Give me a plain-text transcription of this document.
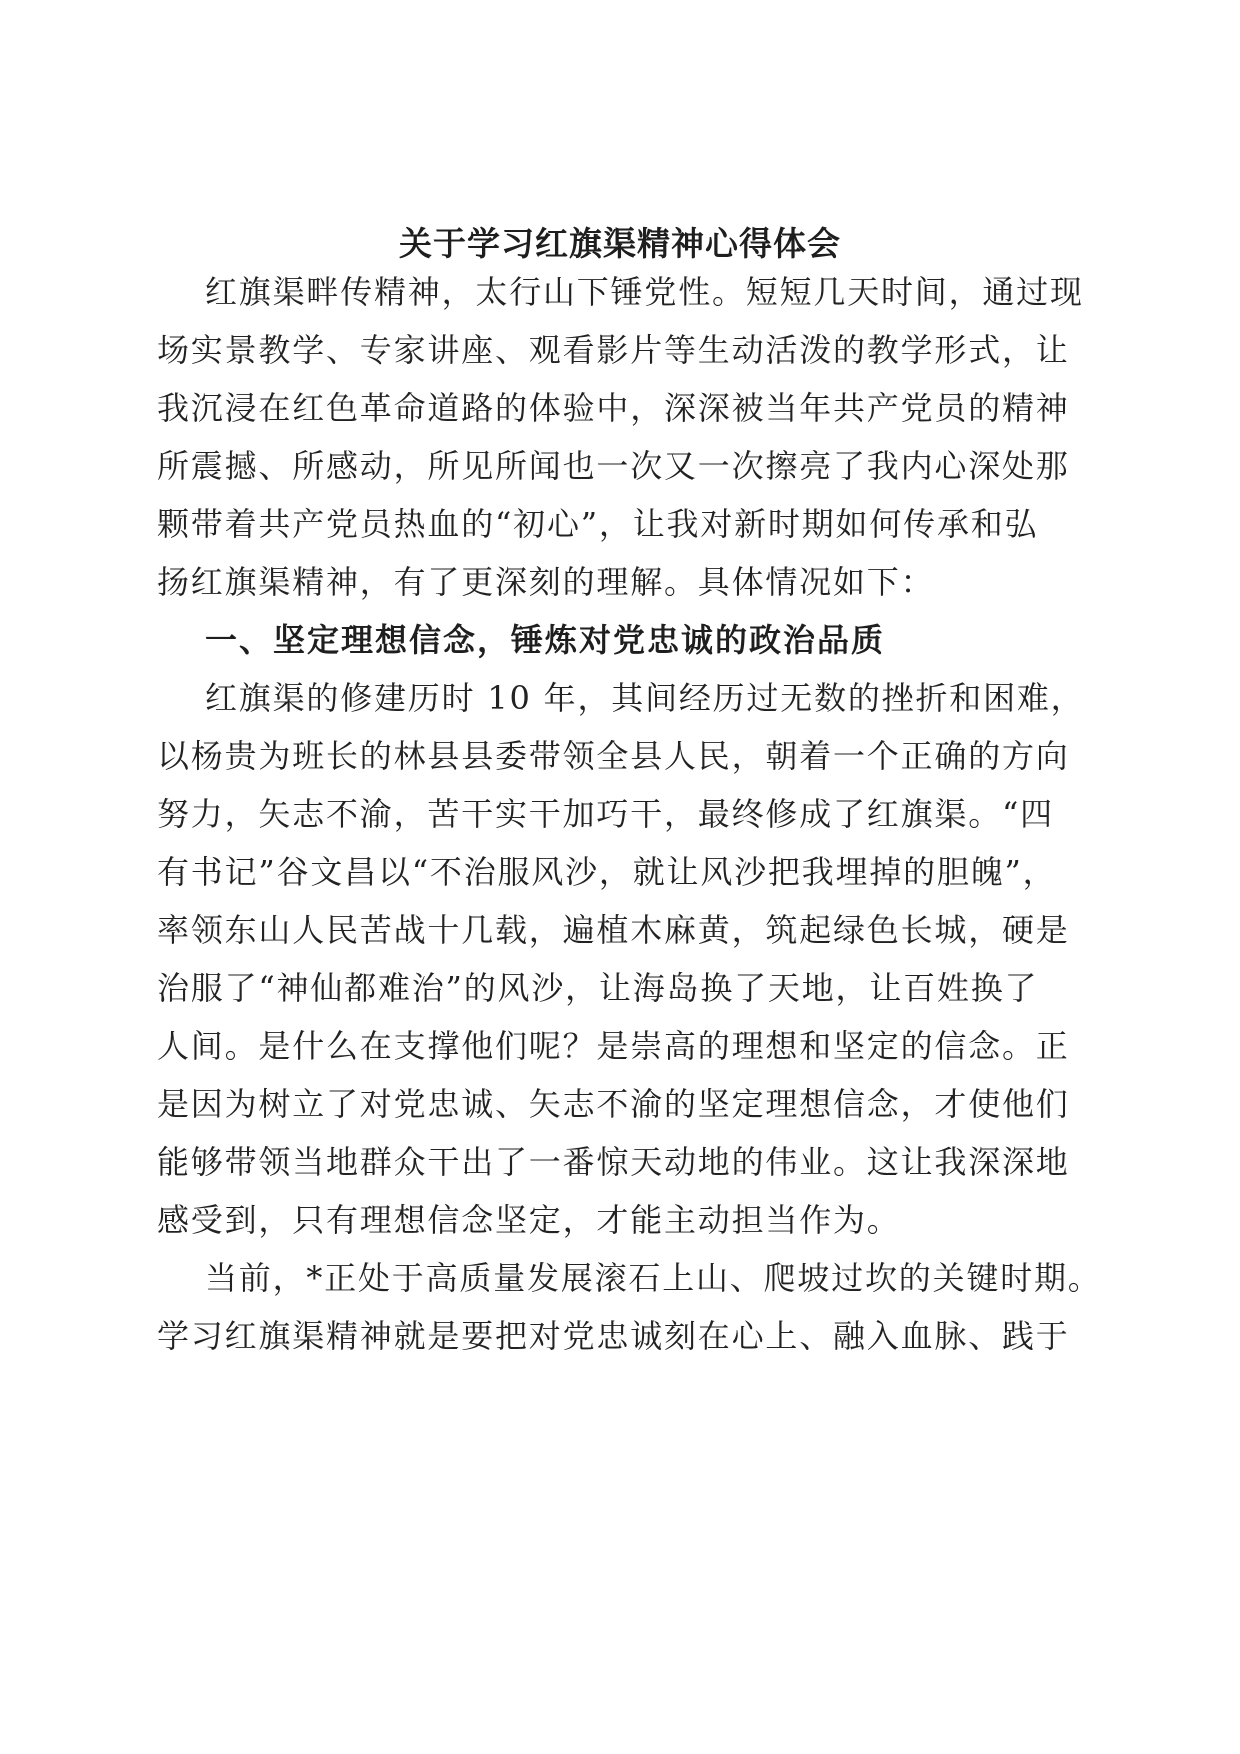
关于学习红旗渠精神心得体会

红旗渠畔传精神，太行山下锤党性。短短几天时间，通过现

场实景教学、专家讲座、观看影片等生动活泼的教学形式，让

我沉浸在红色革命道路的体验中，深深被当年共产党员的精神

所震撼、所感动，所见所闻也一次又一次擦亮了我内心深处那

颗带着共产党员热血的“初心”，让我对新时期如何传承和弘

扬红旗渠精神，有了更深刻的理解。具体情况如下：

一、坚定理想信念，锤炼对党忠诚的政治品质

红旗渠的修建历时 10 年，其间经历过无数的挫折和困难，

以杨贵为班长的林县县委带领全县人民，朝着一个正确的方向

努力，矢志不渝，苦干实干加巧干，最终修成了红旗渠。“四

有书记”谷文昌以“不治服风沙，就让风沙把我埋掉的胆魄”，

率领东山人民苦战十几载，遍植木麻黄，筑起绿色长城，硬是

治服了“神仙都难治”的风沙，让海岛换了天地，让百姓换了

人间。是什么在支撑他们呢？是崇高的理想和坚定的信念。正

是因为树立了对党忠诚、矢志不渝的坚定理想信念，才使他们

能够带领当地群众干出了一番惊天动地的伟业。这让我深深地

感受到，只有理想信念坚定，才能主动担当作为。

当前，*正处于高质量发展滚石上山、爬坡过坎的关键时期。

学习红旗渠精神就是要把对党忠诚刻在心上、融入血脉、践于
